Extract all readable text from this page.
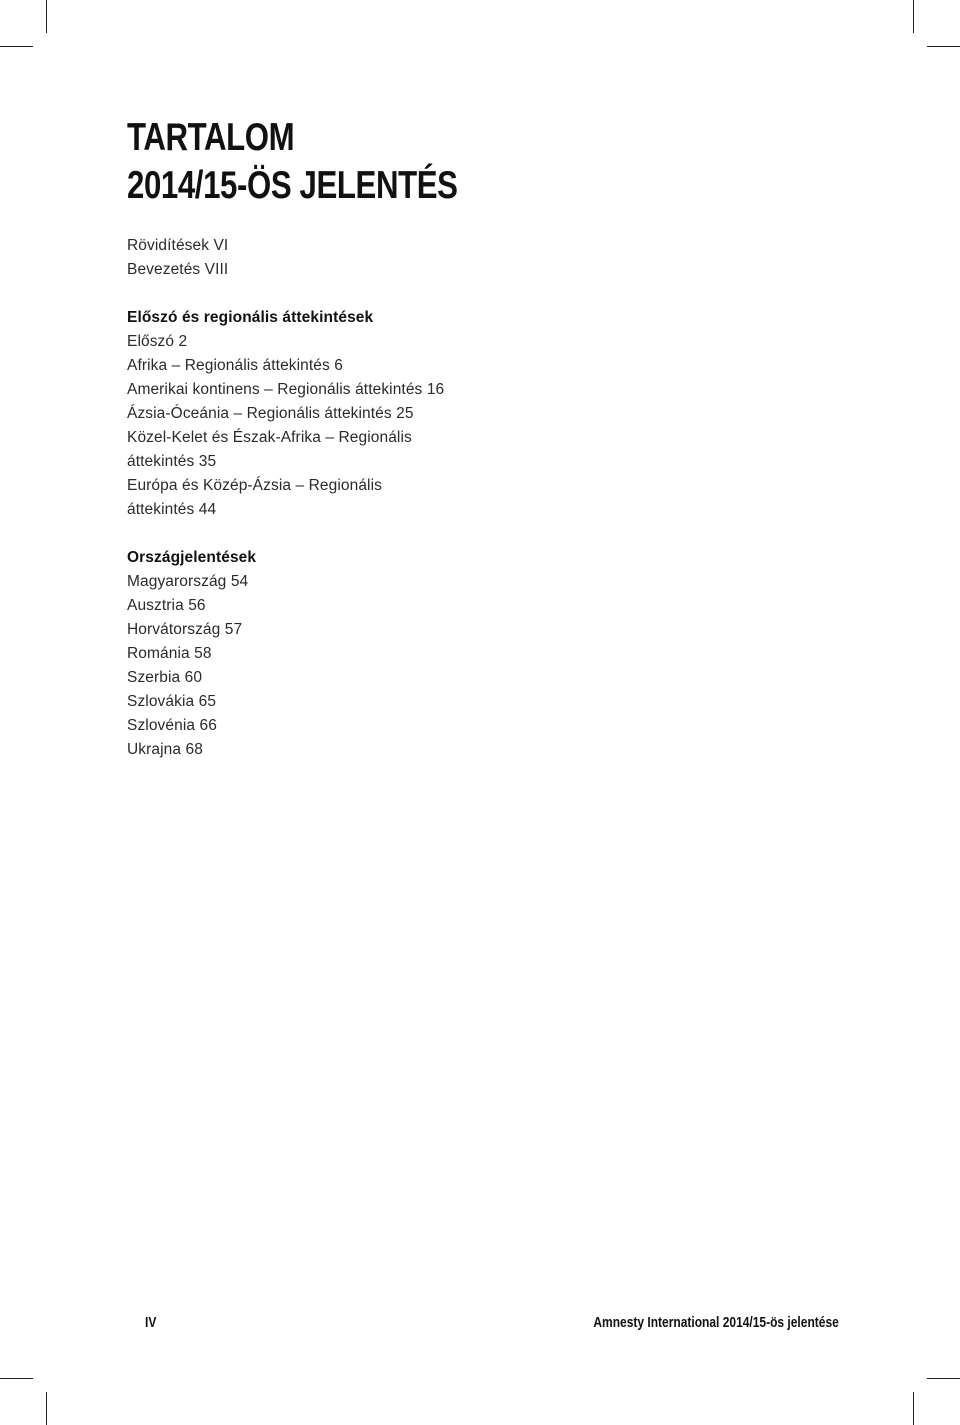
TARTALOM
2014/15-ÖS JELENTÉS
Rövidítések VI
Bevezetés VIII
Előszó és regionális áttekintések
Előszó 2
Afrika – Regionális áttekintés 6
Amerikai kontinens – Regionális áttekintés 16
Ázsia-Óceánia – Regionális áttekintés 25
Közel-Kelet és Észak-Afrika – Regionális
áttekintés 35
Európa és Közép-Ázsia – Regionális
áttekintés 44
Országjelentések
Magyarország 54
Ausztria 56
Horvátország 57
Románia 58
Szerbia 60
Szlovákia 65
Szlovénia 66
Ukrajna 68
IV	Amnesty International 2014/15-ös jelentése
